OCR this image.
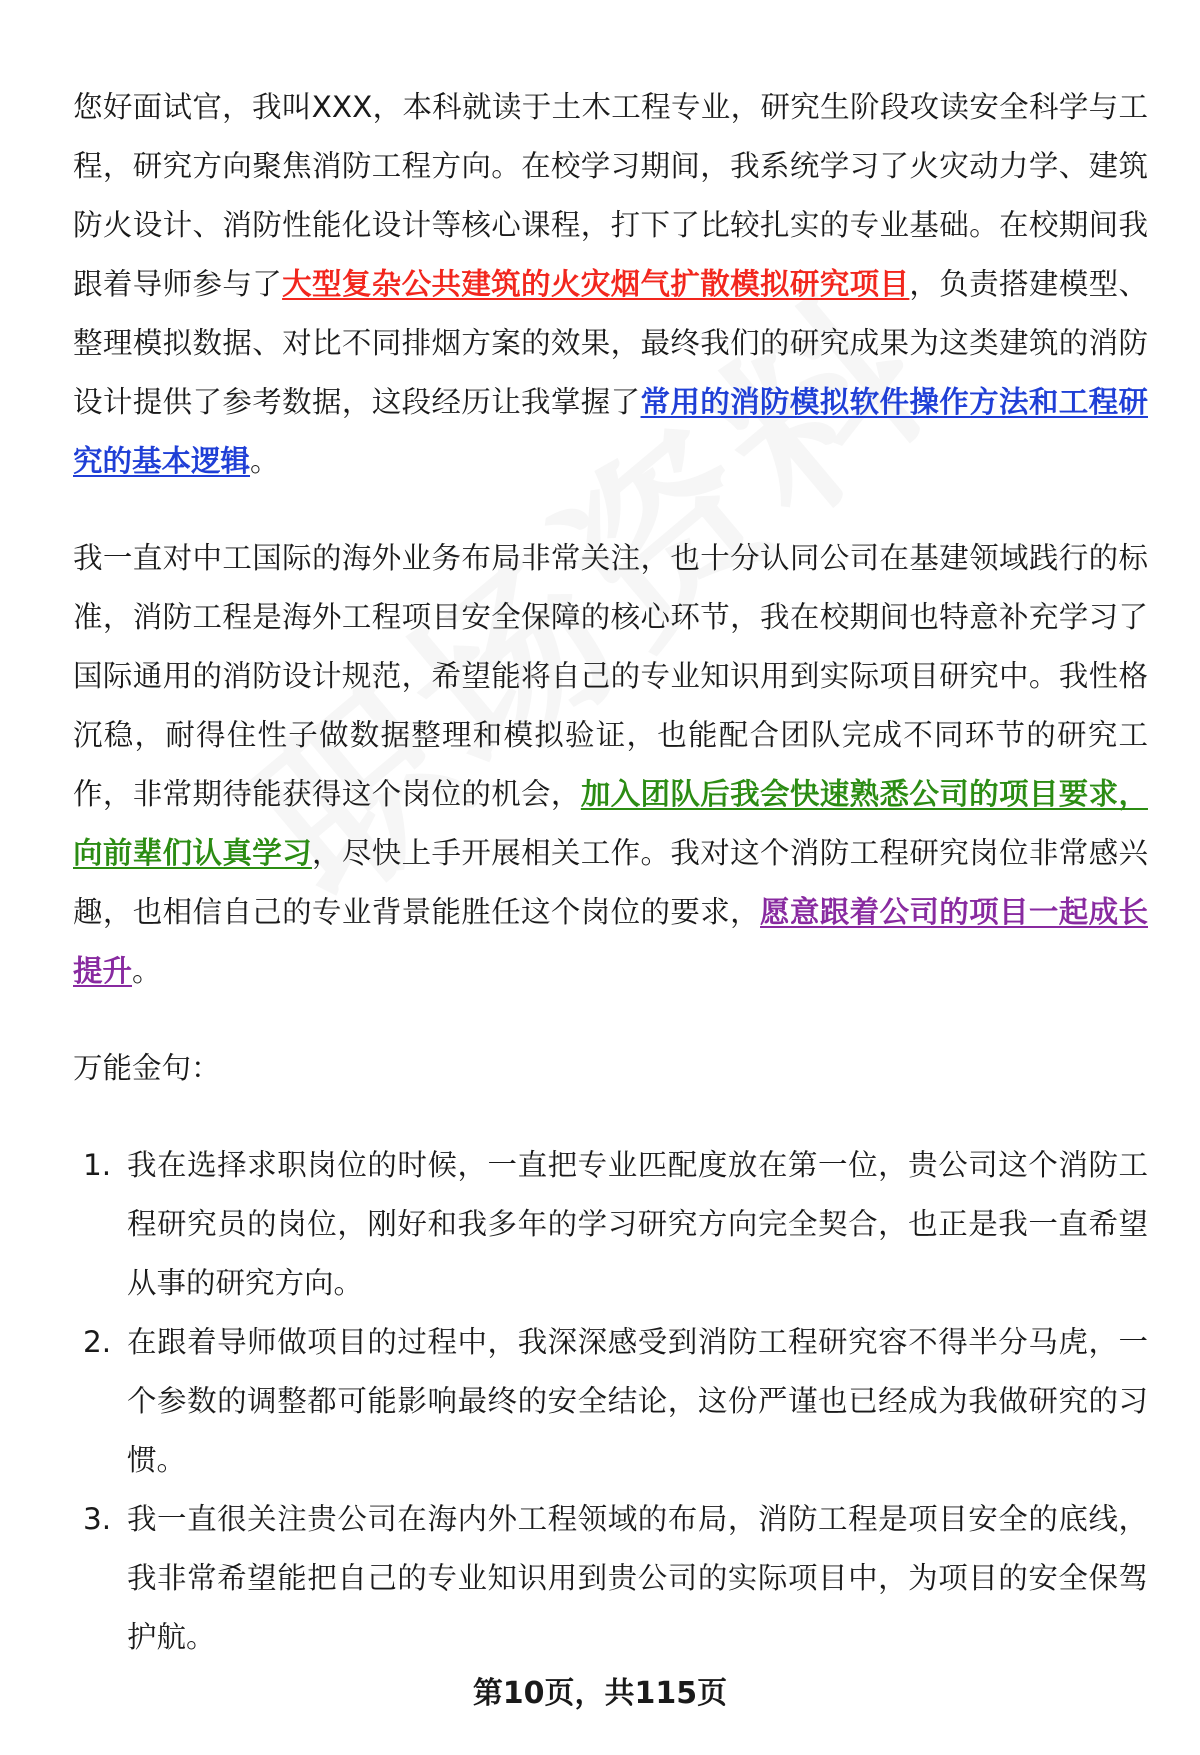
您好面试官，我叫XXX，本科就读于土木工程专业，研究生阶段攻读安全科学与工程，研究方向聚焦消防工程方向。在校学习期间，我系统学习了火灾动力学、建筑防火设计、消防性能化设计等核心课程，打下了比较扎实的专业基础。在校期间我跟着导师参与了大型复杂公共建筑的火灾烟气扩散模拟研究项目，负责搭建模型、整理模拟数据、对比不同排烟方案的效果，最终我们的研究成果为这类建筑的消防设计提供了参考数据，这段经历让我掌握了常用的消防模拟软件操作方法和工程研究的基本逻辑。

我一直对中工国际的海外业务布局非常关注，也十分认同公司在基建领域践行的标准，消防工程是海外工程项目安全保障的核心环节，我在校期间也特意补充学习了国际通用的消防设计规范，希望能将自己的专业知识用到实际项目研究中。我性格沉稳，耐得住性子做数据整理和模拟验证，也能配合团队完成不同环节的研究工作，非常期待能获得这个岗位的机会，加入团队后我会快速熟悉公司的项目要求，向前辈们认真学习，尽快上手开展相关工作。我对这个消防工程研究岗位非常感兴趣，也相信自己的专业背景能胜任这个岗位的要求，愿意跟着公司的项目一起成长提升。

万能金句：

1. 我在选择求职岗位的时候，一直把专业匹配度放在第一位，贵公司这个消防工程研究员的岗位，刚好和我多年的学习研究方向完全契合，也正是我一直希望从事的研究方向。
2. 在跟着导师做项目的过程中，我深深感受到消防工程研究容不得半分马虎，一个参数的调整都可能影响最终的安全结论，这份严谨也已经成为我做研究的习惯。
3. 我一直很关注贵公司在海内外工程领域的布局，消防工程是项目安全的底线，我非常希望能把自己的专业知识用到贵公司的实际项目中，为项目的安全保驾护航。
第10页，共115页
